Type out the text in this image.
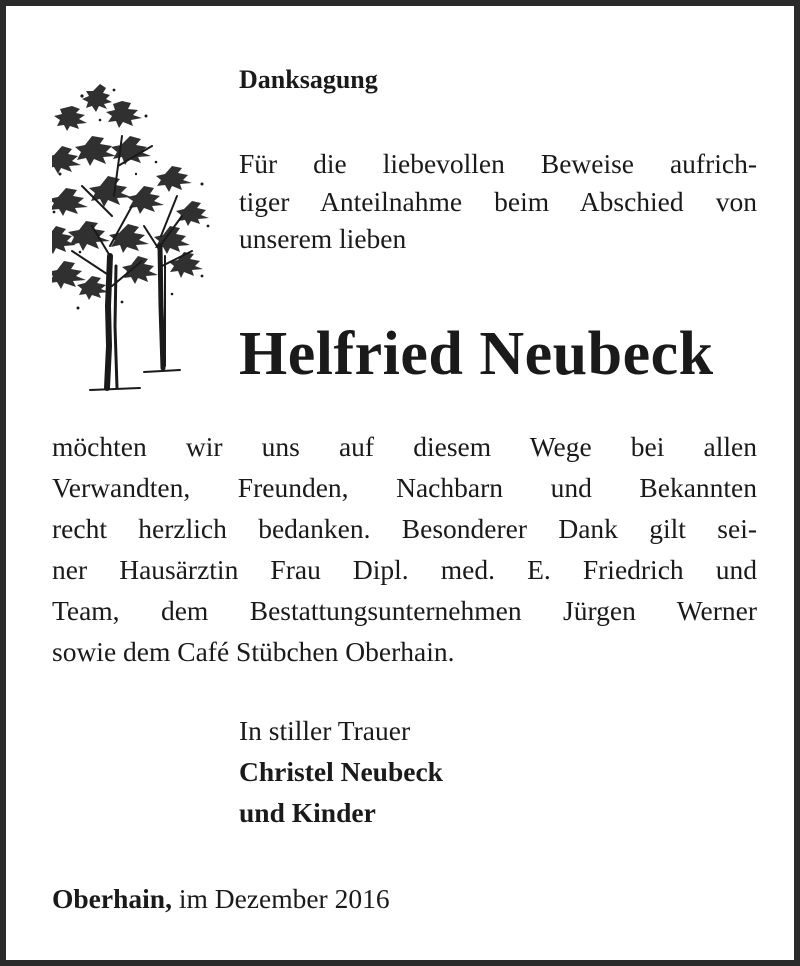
Danksagung
Für die liebevollen Beweise aufrich-
tiger Anteilnahme beim Abschied von
unserem lieben
Helfried Neubeck
möchten wir uns auf diesem Wege bei allen
Verwandten, Freunden, Nachbarn und Bekannten
recht herzlich bedanken. Besonderer Dank gilt sei-
ner Hausärztin Frau Dipl. med. E. Friedrich und
Team, dem Bestattungsunternehmen Jürgen Werner
sowie dem Café Stübchen Oberhain.
In stiller Trauer
Christel Neubeck
und Kinder
Oberhain, im Dezember 2016
